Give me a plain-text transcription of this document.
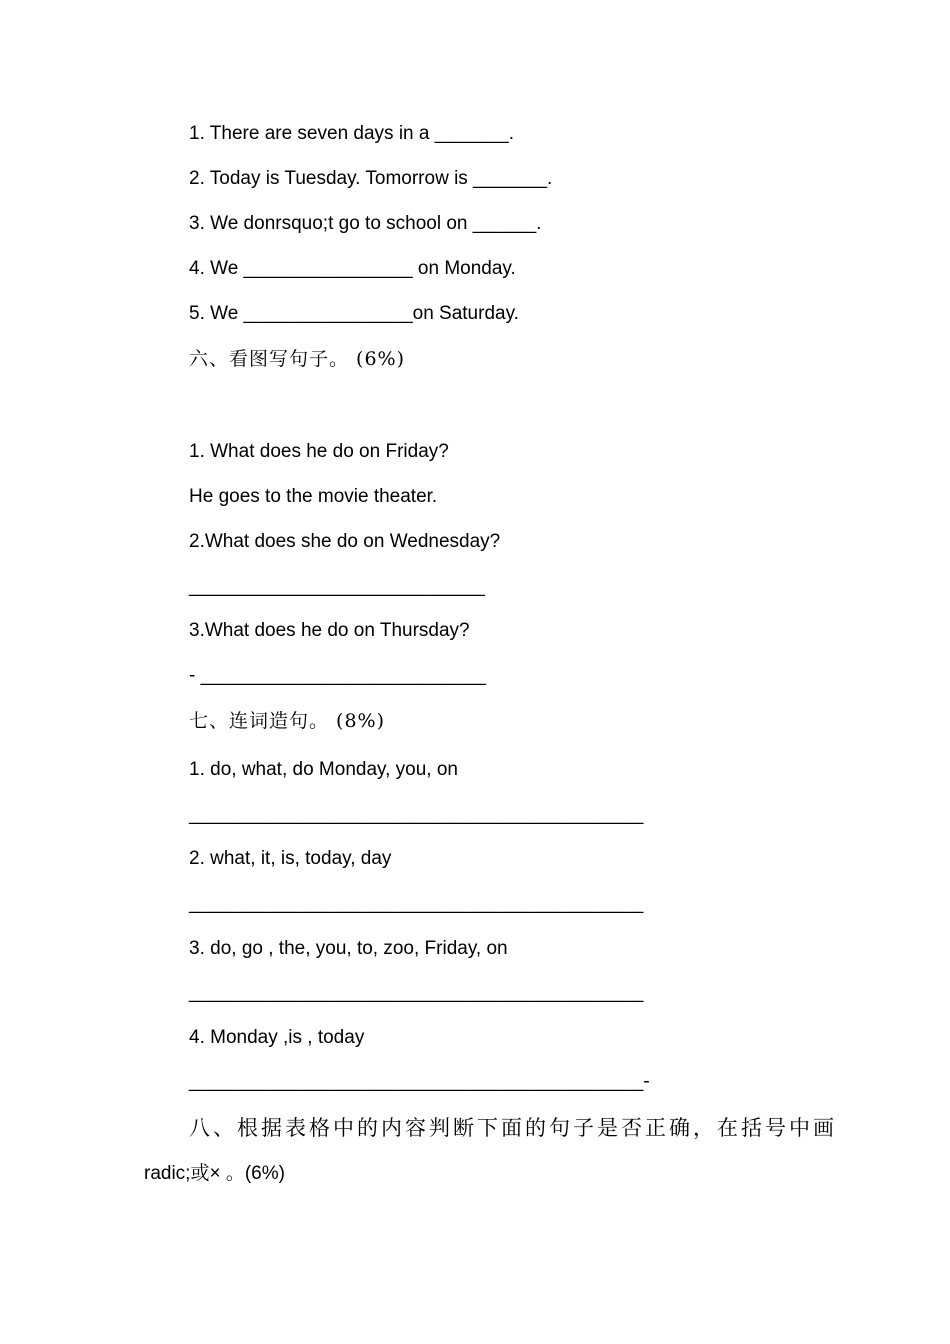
1. There are seven days in a _______.
2. Today is Tuesday. Tomorrow is _______.
3. We donrsquo;t go to school on ______.
4. We ________________ on Monday.
5. We ________________on Saturday.
六、看图写句子。 (6%)
1. What does he do on Friday?
He goes to the movie theater.
2.What does she do on Wednesday?
____________________________
3.What does he do on Thursday?
- ___________________________
七、连词造句。 (8%)
1. do, what, do Monday, you, on
___________________________________________
2. what, it, is, today, day
___________________________________________
3. do, go , the, you, to, zoo, Friday, on
___________________________________________
4. Monday ,is , today
___________________________________________-
八、根据表格中的内容判断下面的句子是否正确，在括号中画
radic;或× 。(6%)
